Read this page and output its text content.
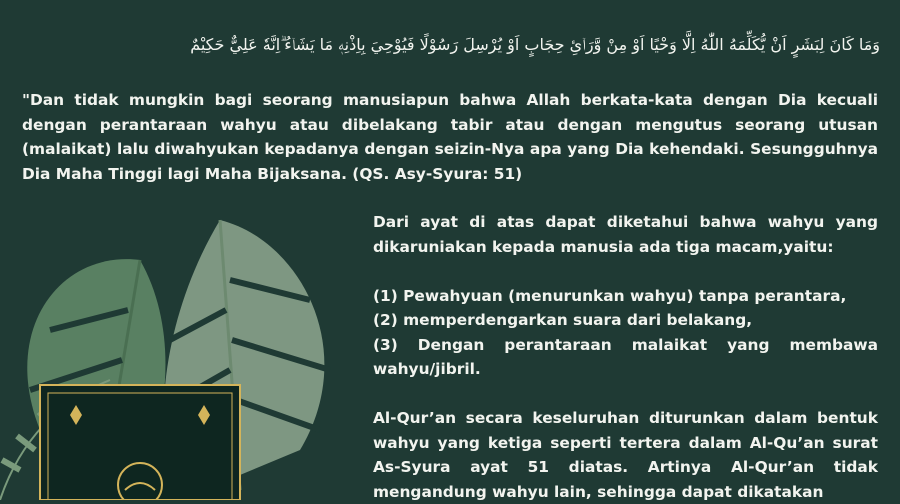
وَمَا كَانَ لِبَشَرٍ اَنْ يُّكَلِّمَهُ اللّٰهُ اِلَّا وَحْيًا اَوْ مِنْ وَّرَاۤئِ حِجَابٍ اَوْ يُرْسِلَ رَسُوْلًا فَيُوْحِيَ بِاِذْنِهٖ مَا يَشَاۤءُ ۗاِنَّهٗ عَلِيٌّ حَكِيْمٌ
"Dan tidak mungkin bagi seorang manusiapun bahwa Allah berkata-kata dengan Dia kecuali dengan perantaraan wahyu atau dibelakang tabir atau dengan mengutus seorang utusan (malaikat) lalu diwahyukan kepadanya dengan seizin-Nya apa yang Dia kehendaki. Sesungguhnya Dia Maha Tinggi lagi Maha Bijaksana. (QS. Asy-Syura: 51)

Dari ayat di atas dapat diketahui bahwa wahyu yang dikaruniakan kepada manusia ada tiga macam,yaitu:

(1) Pewahyuan (menurunkan wahyu) tanpa perantara,

(2) memperdengarkan suara dari belakang,

(3) Dengan perantaraan malaikat yang membawa wahyu/jibril.

Al-Qur’an secara keseluruhan diturunkan dalam bentuk wahyu yang ketiga seperti tertera dalam Al-Qu’an surat As-Syura ayat 51 diatas. Artinya Al-Qur’an tidak mengandung wahyu lain, sehingga dapat dikatakan
